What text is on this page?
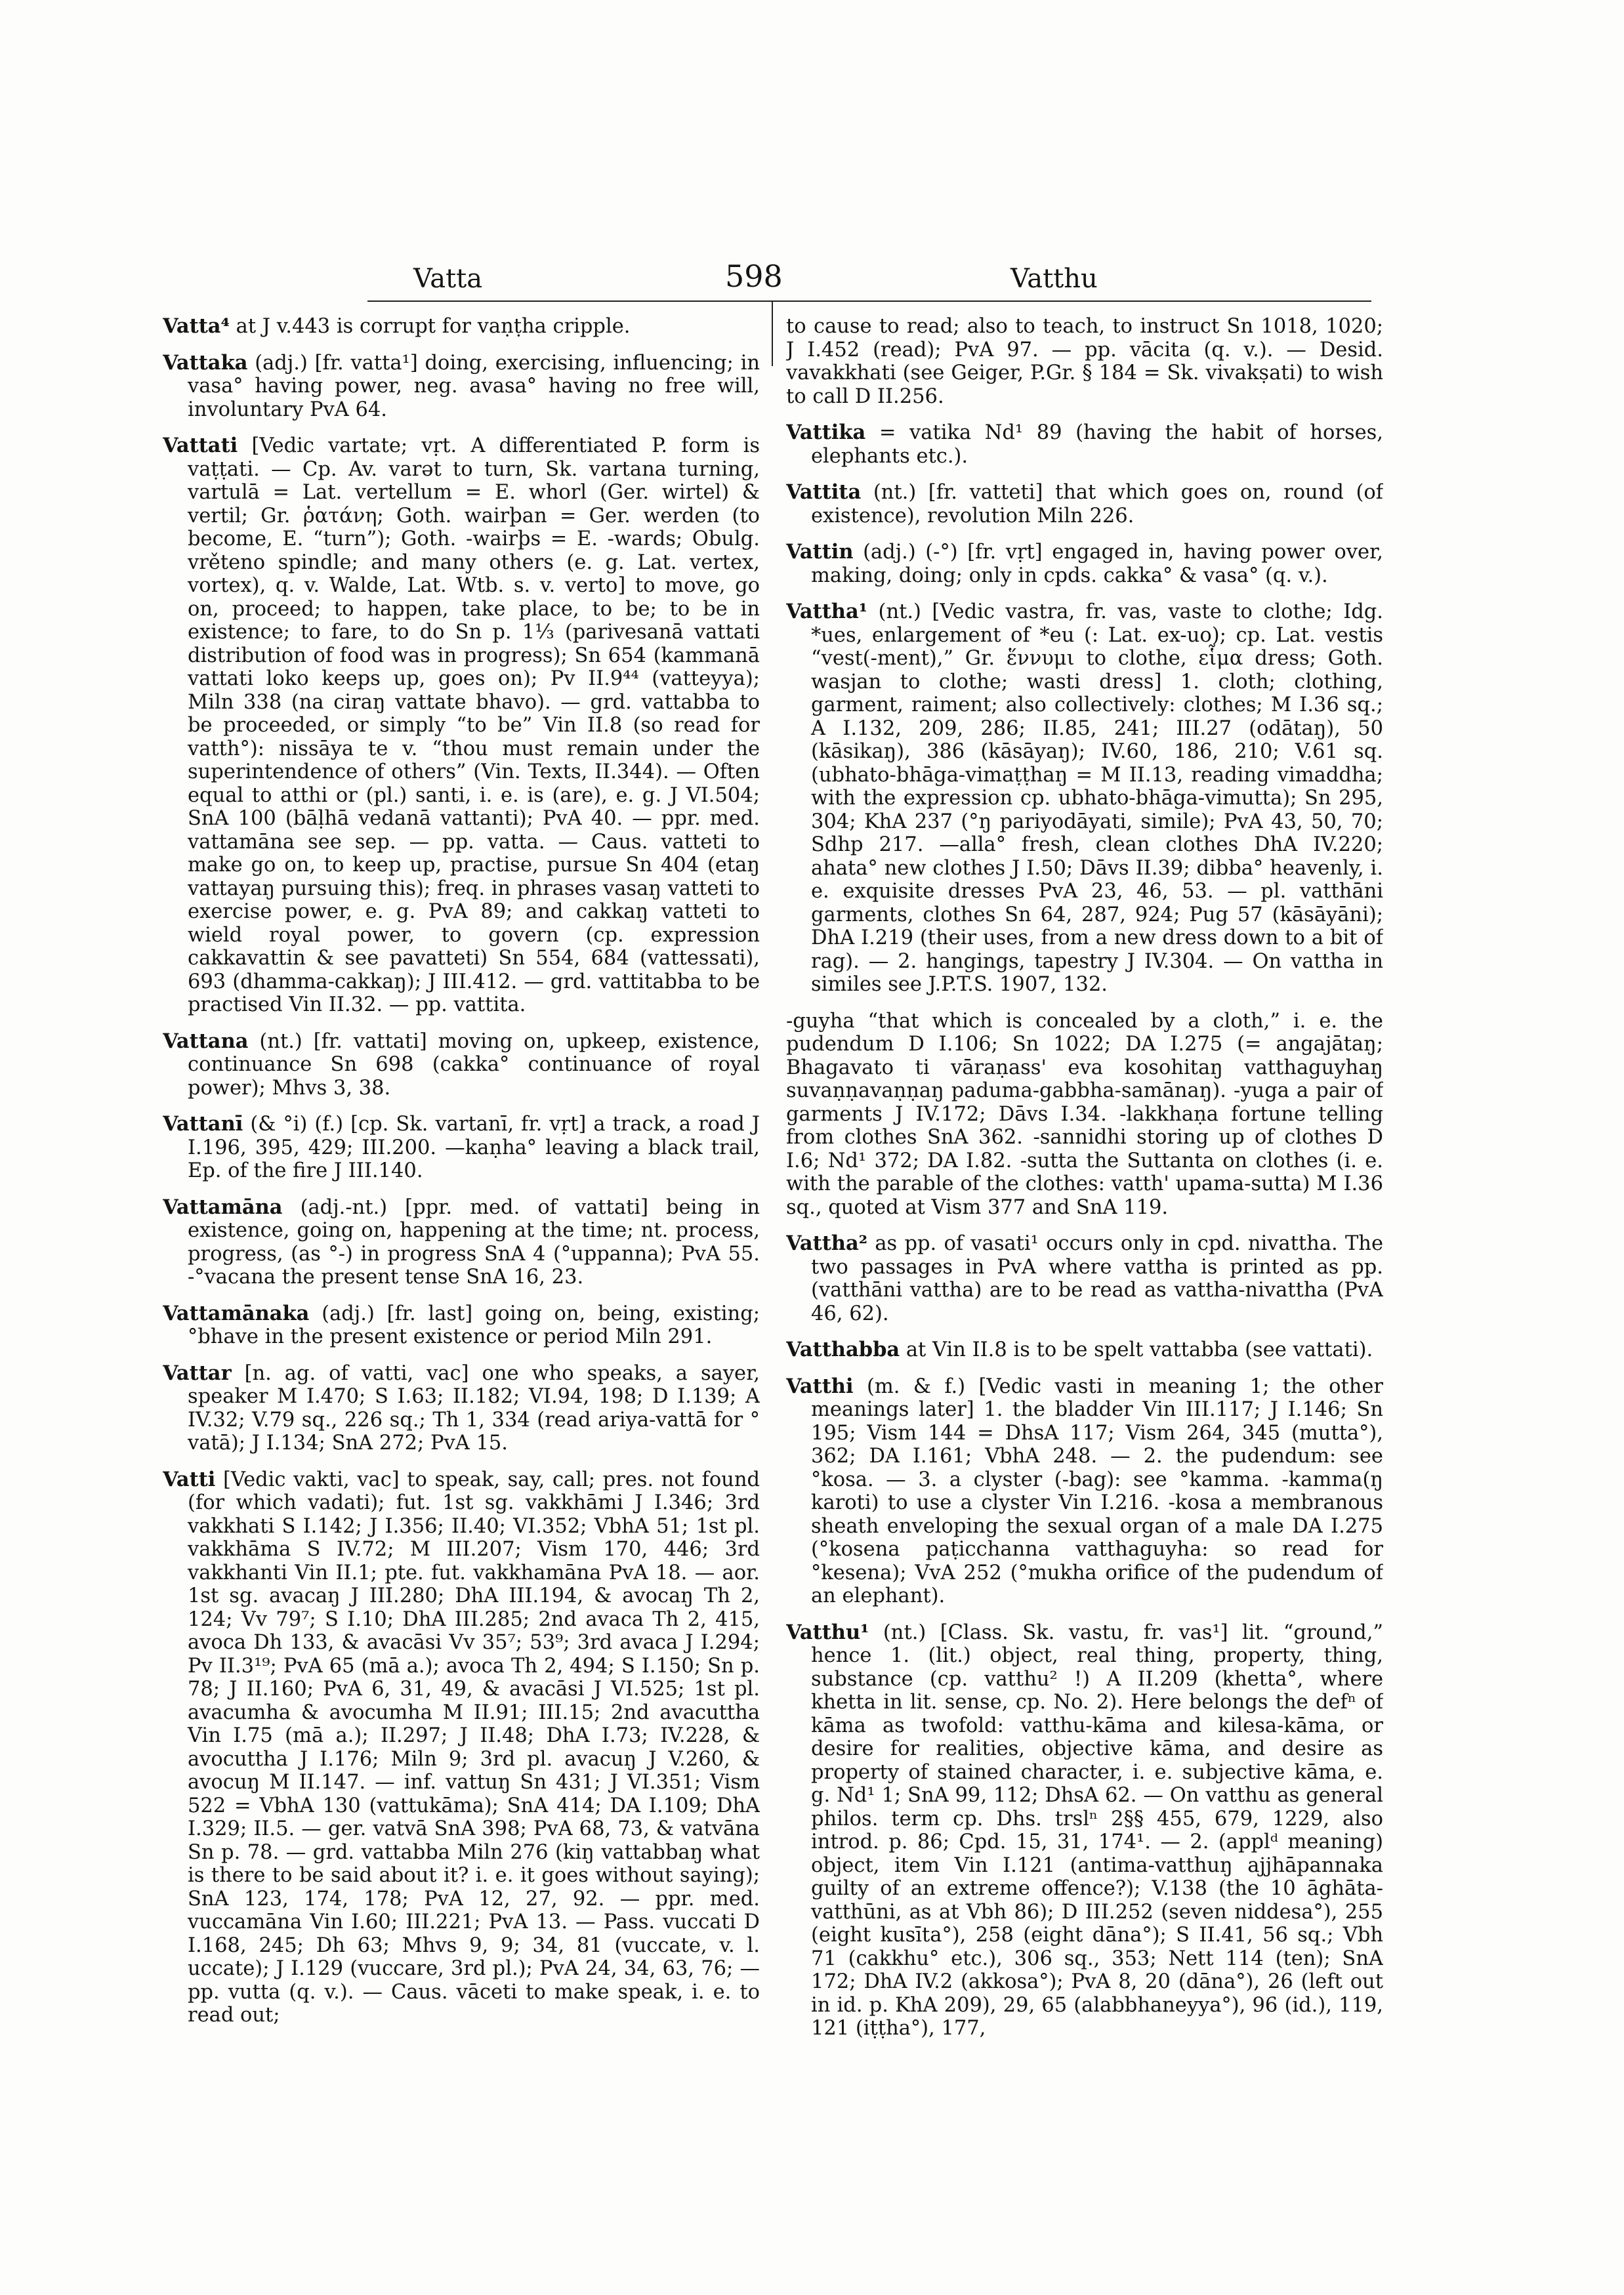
Vatta	598	Vatthu

Vatta⁴ at J v.443 is corrupt for vaṇṭha cripple.

Vattaka (adj.) [fr. vatta¹] doing, exercising, influencing; in vasa° having power, neg. avasa° having no free will, involuntary PvA 64.

Vattati [Vedic vartate; vṛt. A differentiated P. form is vaṭṭati. — Cp. Av. varǝt to turn, Sk. vartana turning, vartulā = Lat. vertellum = E. whorl (Ger. wirtel) & vertil; Gr. ῥατάνη; Goth. wairþan = Ger. werden (to become, E. “turn”); Goth. -wairþs = E. -wards; Obulg. vrěteno spindle; and many others (e. g. Lat. vertex, vortex), q. v. Walde, Lat. Wtb. s. v. verto] to move, go on, proceed; to happen, take place, to be; to be in existence; to fare, to do Sn p. 1⅓ (parivesanā vattati distribution of food was in progress); Sn 654 (kammanā vattati loko keeps up, goes on); Pv II.9⁴⁴ (vatteyya); Miln 338 (na ciraŋ vattate bhavo). — grd. vattabba to be proceeded, or simply “to be” Vin II.8 (so read for vatth°): nissāya te v. “thou must remain under the superintendence of others” (Vin. Texts, II.344). — Often equal to atthi or (pl.) santi, i. e. is (are), e. g. J VI.504; SnA 100 (bāḷhā vedanā vattanti); PvA 40. — ppr. med. vattamāna see sep. — pp. vatta. — Caus. vatteti to make go on, to keep up, practise, pursue Sn 404 (etaŋ vattayaŋ pursuing this); freq. in phrases vasaŋ vatteti to exercise power, e. g. PvA 89; and cakkaŋ vatteti to wield royal power, to govern (cp. expression cakkavattin & see pavatteti) Sn 554, 684 (vattessati), 693 (dhamma-cakkaŋ); J III.412. — grd. vattitabba to be practised Vin II.32. — pp. vattita.

Vattana (nt.) [fr. vattati] moving on, upkeep, existence, continuance Sn 698 (cakka° continuance of royal power); Mhvs 3, 38.

Vattanī (& °i) (f.) [cp. Sk. vartanī, fr. vṛt] a track, a road J I.196, 395, 429; III.200. —kaṇha° leaving a black trail, Ep. of the fire J III.140.

Vattamāna (adj.-nt.) [ppr. med. of vattati] being in existence, going on, happening at the time; nt. process, progress, (as °-) in progress SnA 4 (°uppanna); PvA 55. -°vacana the present tense SnA 16, 23.

Vattamānaka (adj.) [fr. last] going on, being, existing; °bhave in the present existence or period Miln 291.

Vattar [n. ag. of vatti, vac] one who speaks, a sayer, speaker M I.470; S I.63; II.182; VI.94, 198; D I.139; A IV.32; V.79 sq., 226 sq.; Th 1, 334 (read ariya-vattā for ° vatā); J I.134; SnA 272; PvA 15.

Vatti [Vedic vakti, vac] to speak, say, call; pres. not found (for which vadati); fut. 1st sg. vakkhāmi J I.346; 3rd vakkhati S I.142; J I.356; II.40; VI.352; VbhA 51; 1st pl. vakkhāma S IV.72; M III.207; Vism 170, 446; 3rd vakkhanti Vin II.1; pte. fut. vakkhamāna PvA 18. — aor. 1st sg. avacaŋ J III.280; DhA III.194, & avocaŋ Th 2, 124; Vv 79⁷; S I.10; DhA III.285; 2nd avaca Th 2, 415, avoca Dh 133, & avacāsi Vv 35⁷; 53⁹; 3rd avaca J I.294; Pv II.3¹⁹; PvA 65 (mā a.); avoca Th 2, 494; S I.150; Sn p. 78; J II.160; PvA 6, 31, 49, & avacāsi J VI.525; 1st pl. avacumha & avocumha M II.91; III.15; 2nd avacuttha Vin I.75 (mā a.); II.297; J II.48; DhA I.73; IV.228, & avocuttha J I.176; Miln 9; 3rd pl. avacuŋ J V.260, & avocuŋ M II.147. — inf. vattuŋ Sn 431; J VI.351; Vism 522 = VbhA 130 (vattukāma); SnA 414; DA I.109; DhA I.329; II.5. — ger. vatvā SnA 398; PvA 68, 73, & vatvāna Sn p. 78. — grd. vattabba Miln 276 (kiŋ vattabbaŋ what is there to be said about it? i. e. it goes without saying); SnA 123, 174, 178; PvA 12, 27, 92. — ppr. med. vuccamāna Vin I.60; III.221; PvA 13. — Pass. vuccati D I.168, 245; Dh 63; Mhvs 9, 9; 34, 81 (vuccate, v. l. uccate); J I.129 (vuccare, 3rd pl.); PvA 24, 34, 63, 76; — pp. vutta (q. v.). — Caus. vāceti to make speak, i. e. to read out;

to cause to read; also to teach, to instruct Sn 1018, 1020; J I.452 (read); PvA 97. — pp. vācita (q. v.). — Desid. vavakkhati (see Geiger, P.Gr. § 184 = Sk. vivakṣati) to wish to call D II.256.

Vattika = vatika Nd¹ 89 (having the habit of horses, elephants etc.).

Vattita (nt.) [fr. vatteti] that which goes on, round (of existence), revolution Miln 226.

Vattin (adj.) (-°) [fr. vṛt] engaged in, having power over, making, doing; only in cpds. cakka° & vasa° (q. v.).

Vattha¹ (nt.) [Vedic vastra, fr. vas, vaste to clothe; Idg. *ues, enlargement of *eu (: Lat. ex-uo); cp. Lat. vestis “vest(-ment),” Gr. ἕννυμι to clothe, εἷμα dress; Goth. wasjan to clothe; wasti dress] 1. cloth; clothing, garment, raiment; also collectively: clothes; M I.36 sq.; A I.132, 209, 286; II.85, 241; III.27 (odātaŋ), 50 (kāsikaŋ), 386 (kāsāyaŋ); IV.60, 186, 210; V.61 sq. (ubhato-bhāga-vimaṭṭhaŋ = M II.13, reading vimaddha; with the expression cp. ubhato-bhāga-vimutta); Sn 295, 304; KhA 237 (°ŋ pariyodāyati, simile); PvA 43, 50, 70; Sdhp 217. —alla° fresh, clean clothes DhA IV.220; ahata° new clothes J I.50; Dāvs II.39; dibba° heavenly, i. e. exquisite dresses PvA 23, 46, 53. — pl. vatthāni garments, clothes Sn 64, 287, 924; Pug 57 (kāsāyāni); DhA I.219 (their uses, from a new dress down to a bit of rag). — 2. hangings, tapestry J IV.304. — On vattha in similes see J.P.T.S. 1907, 132.

-guyha “that which is concealed by a cloth,” i. e. the pudendum D I.106; Sn 1022; DA I.275 (= angajātaŋ; Bhagavato ti vāraṇass' eva kosohitaŋ vatthaguyhaŋ suvaṇṇavaṇṇaŋ paduma-gabbha-samānaŋ). -yuga a pair of garments J IV.172; Dāvs I.34. -lakkhaṇa fortune telling from clothes SnA 362. -sannidhi storing up of clothes D I.6; Nd¹ 372; DA I.82. -sutta the Suttanta on clothes (i. e. with the parable of the clothes: vatth' upama-sutta) M I.36 sq., quoted at Vism 377 and SnA 119.

Vattha² as pp. of vasati¹ occurs only in cpd. nivattha. The two passages in PvA where vattha is printed as pp. (vatthāni vattha) are to be read as vattha-nivattha (PvA 46, 62).

Vatthabba at Vin II.8 is to be spelt vattabba (see vattati).

Vatthi (m. & f.) [Vedic vasti in meaning 1; the other meanings later] 1. the bladder Vin III.117; J I.146; Sn 195; Vism 144 = DhsA 117; Vism 264, 345 (mutta°), 362; DA I.161; VbhA 248. — 2. the pudendum: see °kosa. — 3. a clyster (-bag): see °kamma. -kamma(ŋ karoti) to use a clyster Vin I.216. -kosa a membranous sheath enveloping the sexual organ of a male DA I.275 (°kosena paṭicchanna vatthaguyha: so read for °kesena); VvA 252 (°mukha orifice of the pudendum of an elephant).

Vatthu¹ (nt.) [Class. Sk. vastu, fr. vas¹] lit. “ground,” hence 1. (lit.) object, real thing, property, thing, substance (cp. vatthu² !) A II.209 (khetta°, where khetta in lit. sense, cp. No. 2). Here belongs the defⁿ of kāma as twofold: vatthu-kāma and kilesa-kāma, or desire for realities, objective kāma, and desire as property of stained character, i. e. subjective kāma, e. g. Nd¹ 1; SnA 99, 112; DhsA 62. — On vatthu as general philos. term cp. Dhs. trslⁿ 2§§ 455, 679, 1229, also introd. p. 86; Cpd. 15, 31, 174¹. — 2. (applᵈ meaning) object, item Vin I.121 (antima-vatthuŋ ajjhāpannaka guilty of an extreme offence?); V.138 (the 10 āghāta-vatthūni, as at Vbh 86); D III.252 (seven niddesa°), 255 (eight kusīta°), 258 (eight dāna°); S II.41, 56 sq.; Vbh 71 (cakkhu° etc.), 306 sq., 353; Nett 114 (ten); SnA 172; DhA IV.2 (akkosa°); PvA 8, 20 (dāna°), 26 (left out in id. p. KhA 209), 29, 65 (alabbhaneyya°), 96 (id.), 119, 121 (iṭṭha°), 177,
